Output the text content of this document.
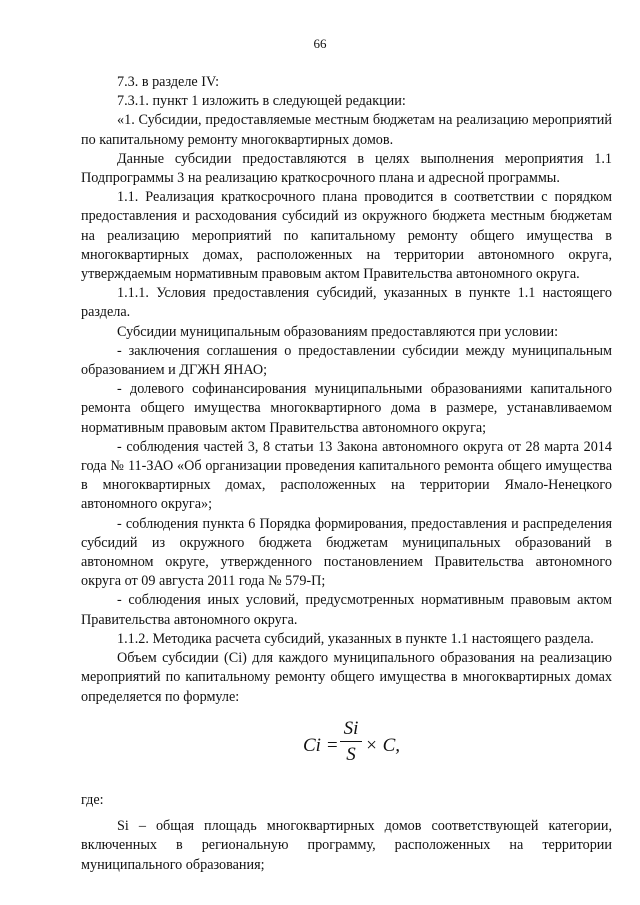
66

7.3. в разделе IV:

7.3.1. пункт 1 изложить в следующей редакции:

«1. Субсидии, предоставляемые местным бюджетам на реализацию мероприятий по капитальному ремонту многоквартирных домов.

Данные субсидии предоставляются в целях выполнения мероприятия 1.1 Подпрограммы 3 на реализацию краткосрочного плана и адресной программы.

1.1. Реализация краткосрочного плана проводится в соответствии с порядком предоставления и расходования субсидий из окружного бюджета местным бюджетам на реализацию мероприятий по капитальному ремонту общего имущества в многоквартирных домах, расположенных на территории автономного округа, утверждаемым нормативным правовым актом Правительства автономного округа.

1.1.1. Условия предоставления субсидий, указанных в пункте 1.1 настоящего раздела.

Субсидии муниципальным образованиям предоставляются при условии:

- заключения соглашения о предоставлении субсидии между муниципальным образованием и ДГЖН ЯНАО;

- долевого софинансирования муниципальными образованиями капитального ремонта общего имущества многоквартирного дома в размере, устанавливаемом нормативным правовым актом Правительства автономного округа;

- соблюдения частей 3, 8 статьи 13 Закона автономного округа от 28 марта 2014 года № 11-ЗАО «Об организации проведения капитального ремонта общего имущества в многоквартирных домах, расположенных на территории Ямало-Ненецкого автономного округа»;

- соблюдения пункта 6 Порядка формирования, предоставления и распределения субсидий из окружного бюджета бюджетам муниципальных образований в автономном округе, утвержденного постановлением Правительства автономного округа от 09 августа 2011 года № 579-П;

- соблюдения иных условий, предусмотренных нормативным правовым актом Правительства автономного округа.

1.1.2. Методика расчета субсидий, указанных в пункте 1.1 настоящего раздела.

Объем субсидии (Ci) для каждого муниципального образования на реализацию мероприятий по капитальному ремонту общего имущества в многоквартирных домах определяется по формуле:

Ci =
Si
S × C,

где:

Si – общая площадь многоквартирных домов соответствующей категории, включенных в региональную программу, расположенных на территории муниципального образования;
